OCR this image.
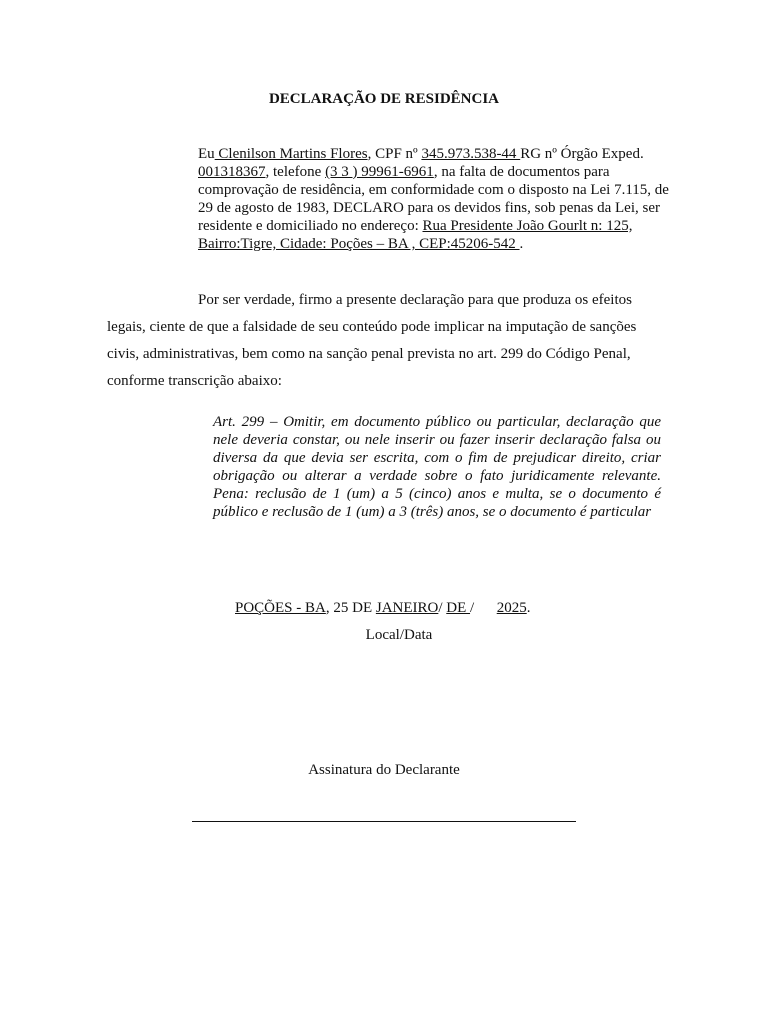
DECLARAÇÃO DE RESIDÊNCIA
Eu Clenilson Martins Flores, CPF nº 345.973.538-44 RG nº Órgão Exped. 001318367, telefone (3 3 ) 99961-6961, na falta de documentos para comprovação de residência, em conformidade com o disposto na Lei 7.115, de 29 de agosto de 1983, DECLARO para os devidos fins, sob penas da Lei, ser residente e domiciliado no endereço: Rua Presidente João Gourlt n: 125, Bairro:Tigre, Cidade: Poções – BA , CEP:45206-542 .
Por ser verdade, firmo a presente declaração para que produza os efeitos legais, ciente de que a falsidade de seu conteúdo pode implicar na imputação de sanções civis, administrativas, bem como na sanção penal prevista no art. 299 do Código Penal, conforme transcrição abaixo:
Art. 299 – Omitir, em documento público ou particular, declaração que nele deveria constar, ou nele inserir ou fazer inserir declaração falsa ou diversa da que devia ser escrita, com o fim de prejudicar direito, criar obrigação ou alterar a verdade sobre o fato juridicamente relevante. Pena: reclusão de 1 (um) a 5 (cinco) anos e multa, se o documento é público e reclusão de 1 (um) a 3 (três) anos, se o documento é particular
POÇÕES - BA, 25 DE JANEIRO/ DE /      2025.
Local/Data
Assinatura do Declarante
